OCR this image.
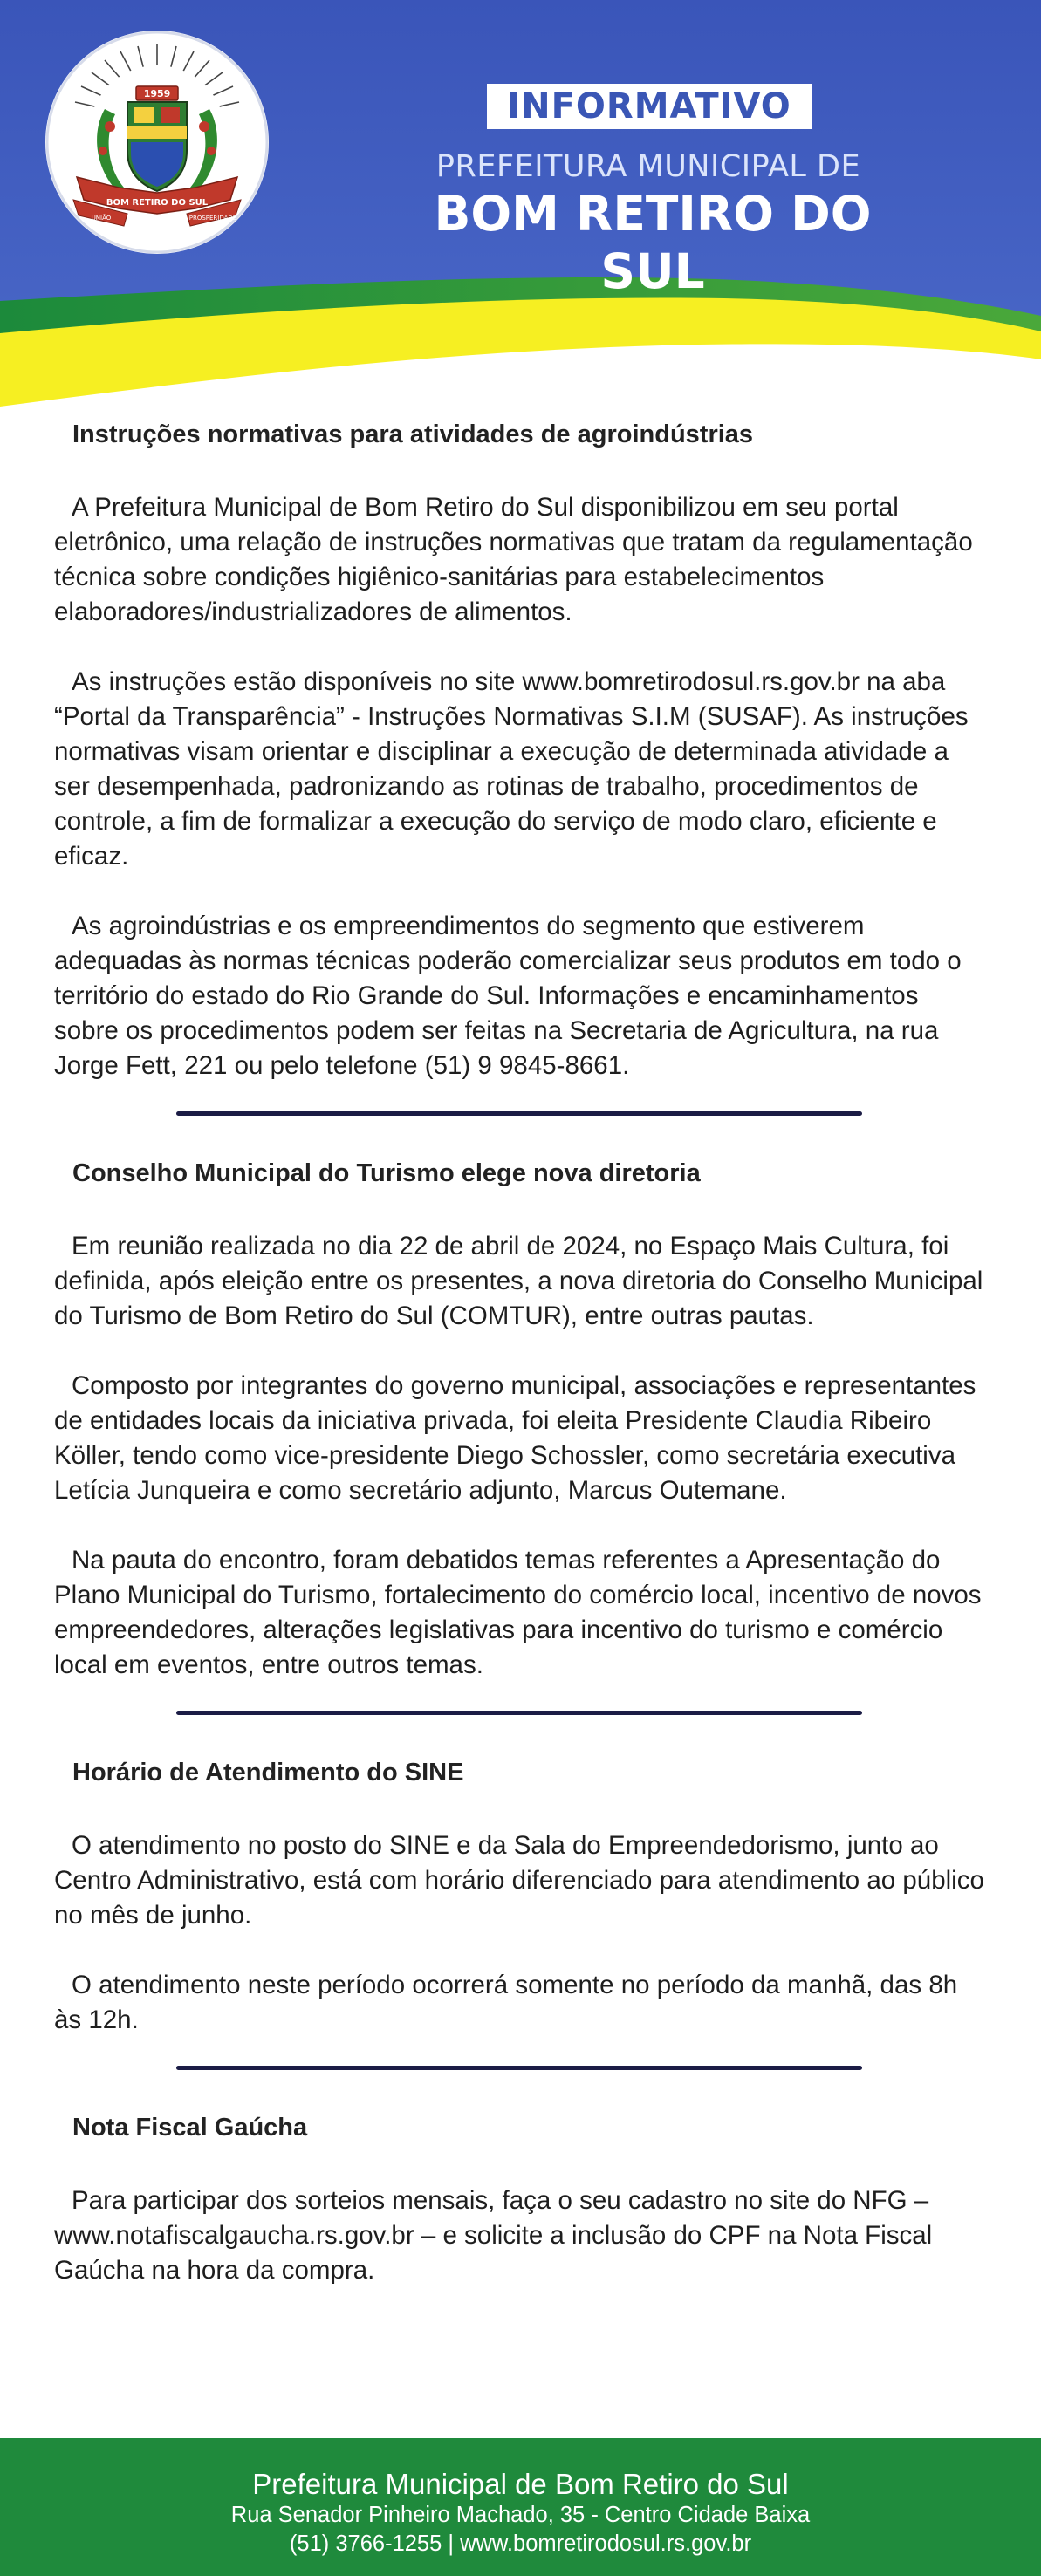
1959
BOM RETIRO DO SUL
UNIÃO	PROSPERIDADE
INFORMATIVO
PREFEITURA MUNICIPAL DE
BOM RETIRO DO SUL
Instruções normativas para atividades de agroindústrias

A Prefeitura Municipal de Bom Retiro do Sul disponibilizou em seu portal eletrônico, uma relação de instruções normativas que tratam da regulamentação técnica sobre condições higiênico-sanitárias para estabelecimentos elaboradores/industrializadores de alimentos.

As instruções estão disponíveis no site www.bomretirodosul.rs.gov.br na aba “Portal da Transparência” - Instruções Normativas S.I.M (SUSAF). As instruções normativas visam orientar e disciplinar a execução de determinada atividade a ser desempenhada, padronizando as rotinas de trabalho, procedimentos de controle, a fim de formalizar a execução do serviço de modo claro, eficiente e eficaz.

As agroindústrias e os empreendimentos do segmento que estiverem adequadas às normas técnicas poderão comercializar seus produtos em todo o território do estado do Rio Grande do Sul. Informações e encaminhamentos sobre os procedimentos podem ser feitas na Secretaria de Agricultura, na rua Jorge Fett, 221 ou pelo telefone (51) 9 9845-8661.

Conselho Municipal do Turismo elege nova diretoria

Em reunião realizada no dia 22 de abril de 2024, no Espaço Mais Cultura, foi definida, após eleição entre os presentes, a nova diretoria do Conselho Municipal do Turismo de Bom Retiro do Sul (COMTUR), entre outras pautas.

Composto por integrantes do governo municipal, associações e representantes de entidades locais da iniciativa privada, foi eleita Presidente Claudia Ribeiro Köller, tendo como vice-presidente Diego Schossler, como secretária executiva Letícia Junqueira e como secretário adjunto, Marcus Outemane.

Na pauta do encontro, foram debatidos temas referentes a Apresentação do Plano Municipal do Turismo, fortalecimento do comércio local, incentivo de novos empreendedores, alterações legislativas para incentivo do turismo e comércio local em eventos, entre outros temas.

Horário de Atendimento do SINE

O atendimento no posto do SINE e da Sala do Empreendedorismo, junto ao Centro Administrativo, está com horário diferenciado para atendimento ao público no mês de junho.

O atendimento neste período ocorrerá somente no período da manhã, das 8h às 12h.

Nota Fiscal Gaúcha

Para participar dos sorteios mensais, faça o seu cadastro no site do NFG – www.notafiscalgaucha.rs.gov.br – e solicite a inclusão do CPF na Nota Fiscal Gaúcha na hora da compra.

Prefeitura Municipal de Bom Retiro do Sul
Rua Senador Pinheiro Machado, 35 - Centro Cidade Baixa
(51) 3766-1255 | www.bomretirodosul.rs.gov.br
